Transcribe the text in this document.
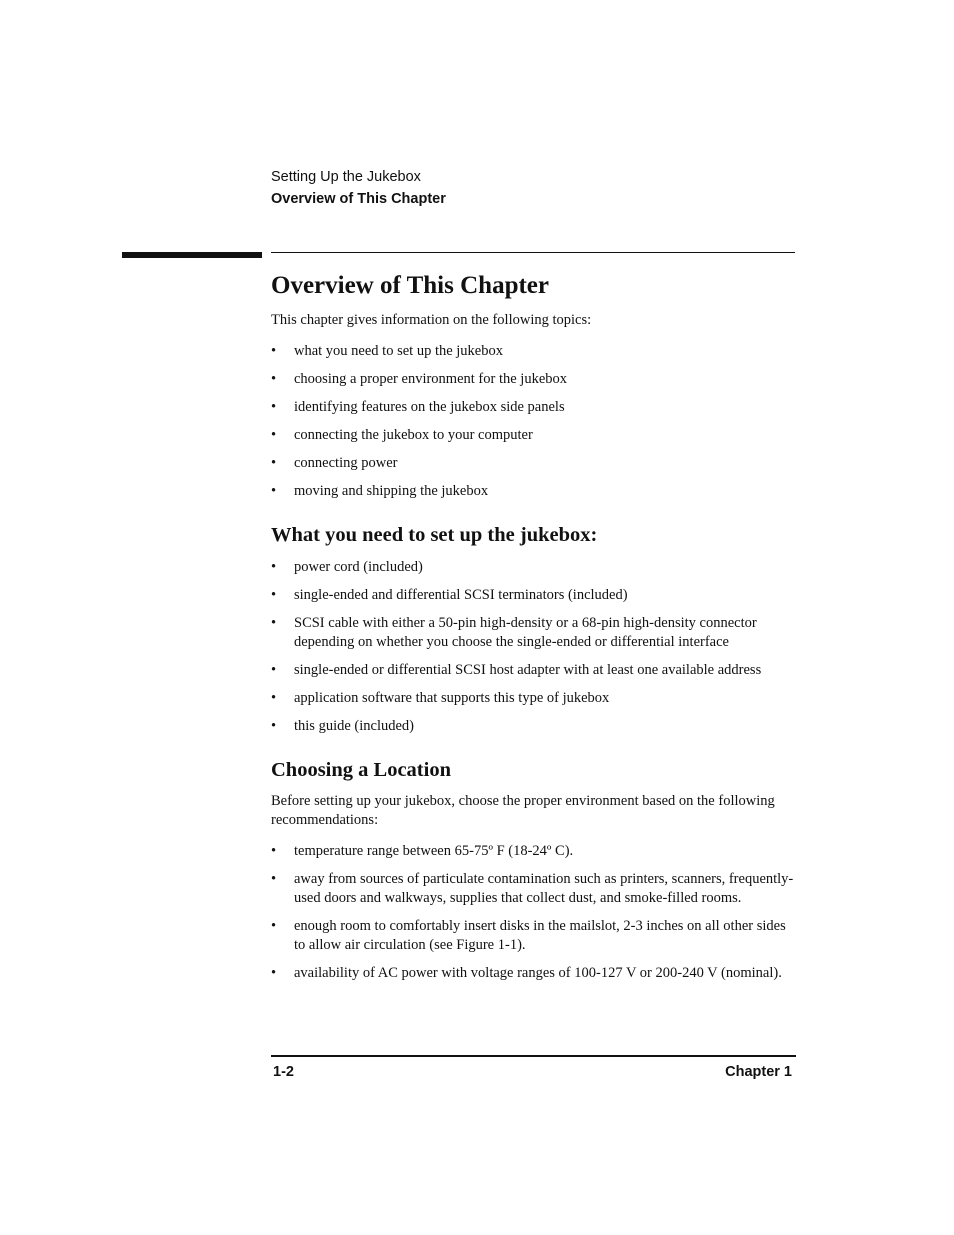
Setting Up the Jukebox
Overview of This Chapter
Overview of This Chapter

This chapter gives information on the following topics:

• what you need to set up the jukebox
• choosing a proper environment for the jukebox
• identifying features on the jukebox side panels
• connecting the jukebox to your computer
• connecting power
• moving and shipping the jukebox
What you need to set up the jukebox:
• power cord (included)
• single-ended and differential SCSI terminators (included)
• SCSI cable with either a 50-pin high-density or a 68-pin high-density connector depending on whether you choose the single-ended or differential interface
• single-ended or differential SCSI host adapter with at least one available address
• application software that supports this type of jukebox
• this guide (included)
Choosing a Location

Before setting up your jukebox, choose the proper environment based on the following recommendations:

• temperature range between 65-75º F (18-24º C).
• away from sources of particulate contamination such as printers, scanners, frequently-used doors and walkways, supplies that collect dust, and smoke-filled rooms.
• enough room to comfortably insert disks in the mailslot, 2-3 inches on all other sides to allow air circulation (see Figure 1-1).
• availability of AC power with voltage ranges of 100-127 V or 200-240 V (nominal).
1-2	Chapter 1
